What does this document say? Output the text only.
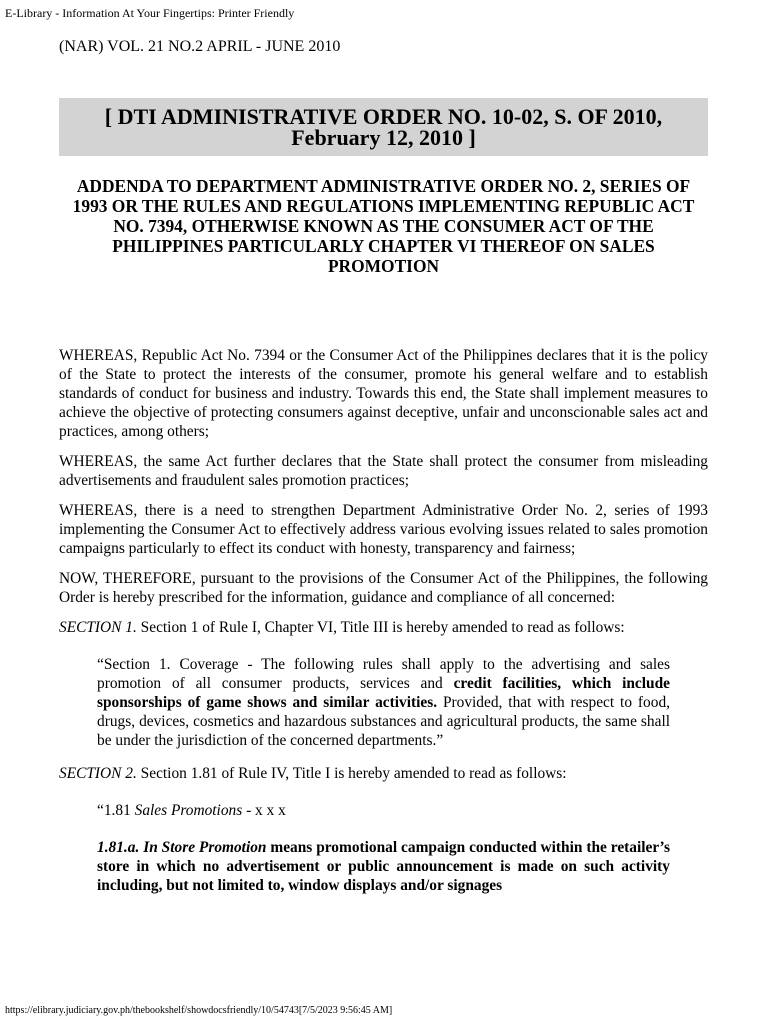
E-Library - Information At Your Fingertips: Printer Friendly
(NAR) VOL. 21 NO.2 APRIL - JUNE 2010
[ DTI ADMINISTRATIVE ORDER NO. 10-02, S. OF 2010,
February 12, 2010 ]
ADDENDA TO DEPARTMENT ADMINISTRATIVE ORDER NO. 2, SERIES OF 1993 OR THE RULES AND REGULATIONS IMPLEMENTING REPUBLIC ACT NO. 7394, OTHERWISE KNOWN AS THE CONSUMER ACT OF THE PHILIPPINES PARTICULARLY CHAPTER VI THEREOF ON SALES PROMOTION

WHEREAS, Republic Act No. 7394 or the Consumer Act of the Philippines declares that it is the policy of the State to protect the interests of the consumer, promote his general welfare and to establish standards of conduct for business and industry. Towards this end, the State shall implement measures to achieve the objective of protecting consumers against deceptive, unfair and unconscionable sales act and practices, among others;

WHEREAS, the same Act further declares that the State shall protect the consumer from misleading advertisements and fraudulent sales promotion practices;

WHEREAS, there is a need to strengthen Department Administrative Order No. 2, series of 1993 implementing the Consumer Act to effectively address various evolving issues related to sales promotion campaigns particularly to effect its conduct with honesty, transparency and fairness;

NOW, THEREFORE, pursuant to the provisions of the Consumer Act of the Philippines, the following Order is hereby prescribed for the information, guidance and compliance of all concerned:

SECTION 1. Section 1 of Rule I, Chapter VI, Title III is hereby amended to read as follows:

“Section 1. Coverage - The following rules shall apply to the advertising and sales promotion of all consumer products, services and credit facilities, which include sponsorships of game shows and similar activities. Provided, that with respect to food, drugs, devices, cosmetics and hazardous substances and agricultural products, the same shall be under the jurisdiction of the concerned departments.”

SECTION 2. Section 1.81 of Rule IV, Title I is hereby amended to read as follows:

“1.81 Sales Promotions - x x x

1.81.a. In Store Promotion means promotional campaign conducted within the retailer’s store in which no advertisement or public announcement is made on such activity including, but not limited to, window displays and/or signages

https://elibrary.judiciary.gov.ph/thebookshelf/showdocsfriendly/10/54743[7/5/2023 9:56:45 AM]
